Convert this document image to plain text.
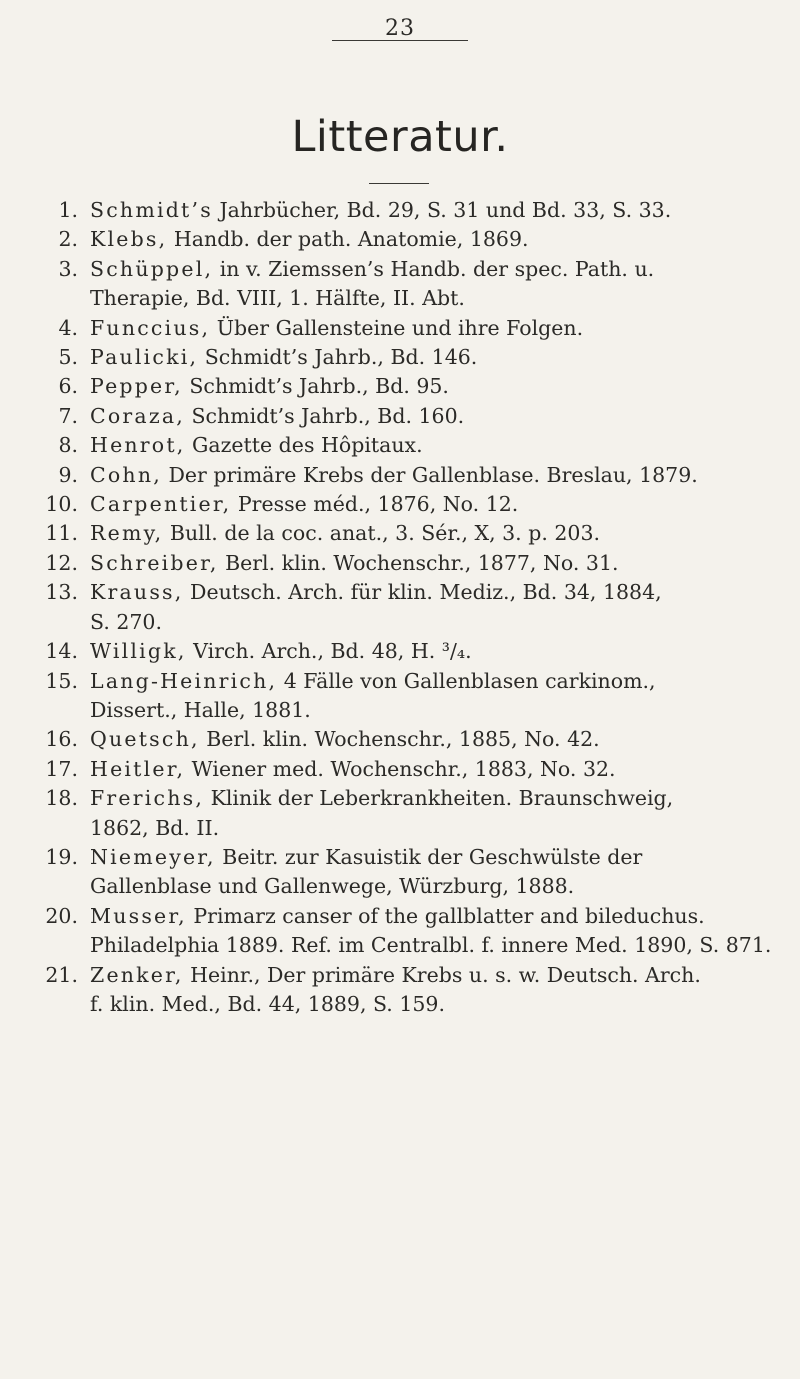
23
Litteratur.
1. Schmidt’s Jahrbücher, Bd. 29, S. 31 und Bd. 33, S. 33.
2. Klebs, Handb. der path. Anatomie, 1869.
3. Schüppel, in v. Ziemssen’s Handb. der spec. Path. u.
Therapie, Bd. VIII, 1. Hälfte, II. Abt.
4. Funccius, Über Gallensteine und ihre Folgen.
5. Paulicki, Schmidt’s Jahrb., Bd. 146.
6. Pepper, Schmidt’s Jahrb., Bd. 95.
7. Coraza, Schmidt’s Jahrb., Bd. 160.
8. Henrot, Gazette des Hôpitaux.
9. Cohn, Der primäre Krebs der Gallenblase. Breslau, 1879.
10. Carpentier, Presse méd., 1876, No. 12.
11. Remy, Bull. de la coc. anat., 3. Sér., X, 3. p. 203.
12. Schreiber, Berl. klin. Wochenschr., 1877, No. 31.
13. Krauss, Deutsch. Arch. für klin. Mediz., Bd. 34, 1884,
S. 270.
14. Willigk, Virch. Arch., Bd. 48, H. ³/₄.
15. Lang-Heinrich, 4 Fälle von Gallenblasen carkinom.,
Dissert., Halle, 1881.
16. Quetsch, Berl. klin. Wochenschr., 1885, No. 42.
17. Heitler, Wiener med. Wochenschr., 1883, No. 32.
18. Frerichs, Klinik der Leberkrankheiten. Braunschweig,
1862, Bd. II.
19. Niemeyer, Beitr. zur Kasuistik der Geschwülste der
Gallenblase und Gallenwege, Würzburg, 1888.
20. Musser, Primarz canser of the gallblatter and bileduchus.
Philadelphia 1889. Ref. im Centralbl. f. innere Med. 1890, S. 871.
21. Zenker, Heinr., Der primäre Krebs u. s. w. Deutsch. Arch.
f. klin. Med., Bd. 44, 1889, S. 159.
